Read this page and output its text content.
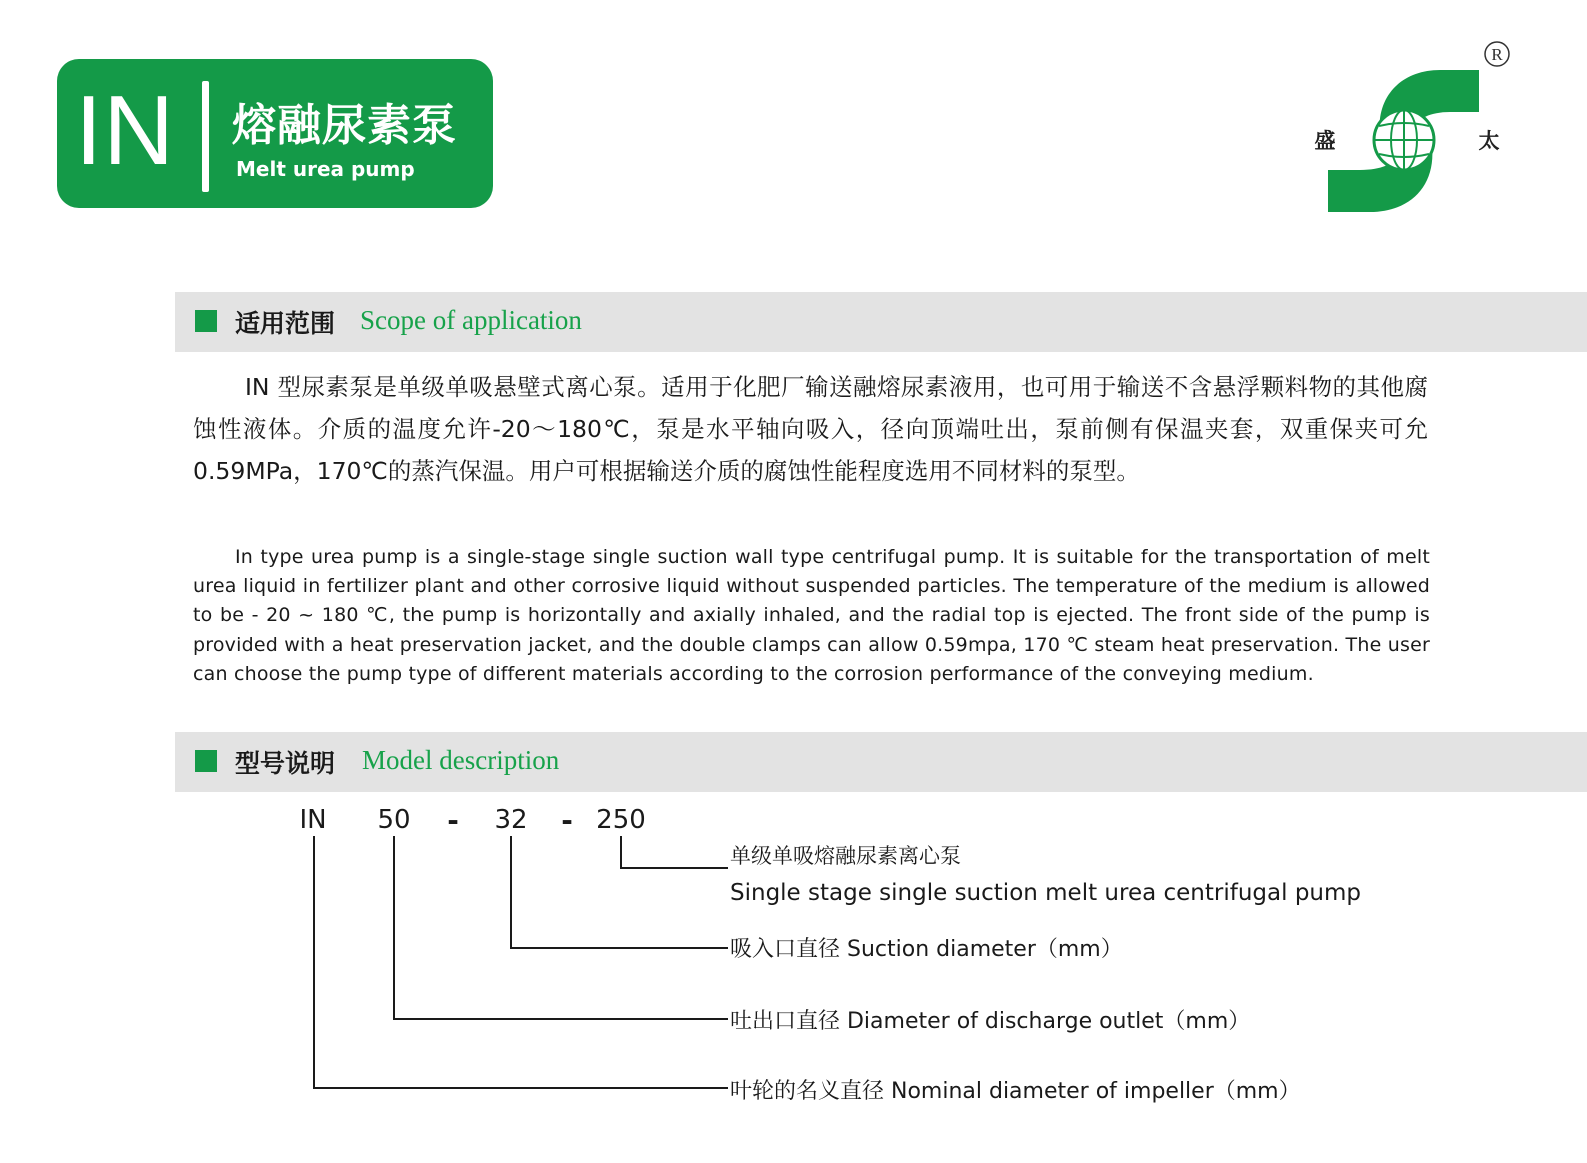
IN 熔融尿素泵
Melt urea pump
R
盛	太
适用范围 Scope of application

IN 型尿素泵是单级单吸悬壁式离心泵。适用于化肥厂输送融熔尿素液用，也可用于输送不含悬浮颗料物的其他腐蚀性液体。介质的温度允许-20～180℃，泵是水平轴向吸入，径向顶端吐出，泵前侧有保温夹套，双重保夹可允 0.59MPa，170℃的蒸汽保温。用户可根据输送介质的腐蚀性能程度选用不同材料的泵型。

In type urea pump is a single-stage single suction wall type centrifugal pump. It is suitable for the transportation of melt urea liquid in fertilizer plant and other corrosive liquid without suspended particles. The temperature of the medium is allowed to be - 20 ~ 180 ℃, the pump is horizontally and axially inhaled, and the radial top is ejected. The front side of the pump is provided with a heat preservation jacket, and the double clamps can allow 0.59mpa, 170 ℃ steam heat preservation. The user can choose the pump type of different materials according to the corrosion performance of the conveying medium.

型号说明 Model description
IN 50 - 32 - 250
单级单吸熔融尿素离心泵
Single stage single suction melt urea centrifugal pump
吸入口直径 Suction diameter（mm）
吐出口直径 Diameter of discharge outlet（mm）
叶轮的名义直径 Nominal diameter of impeller（mm）
